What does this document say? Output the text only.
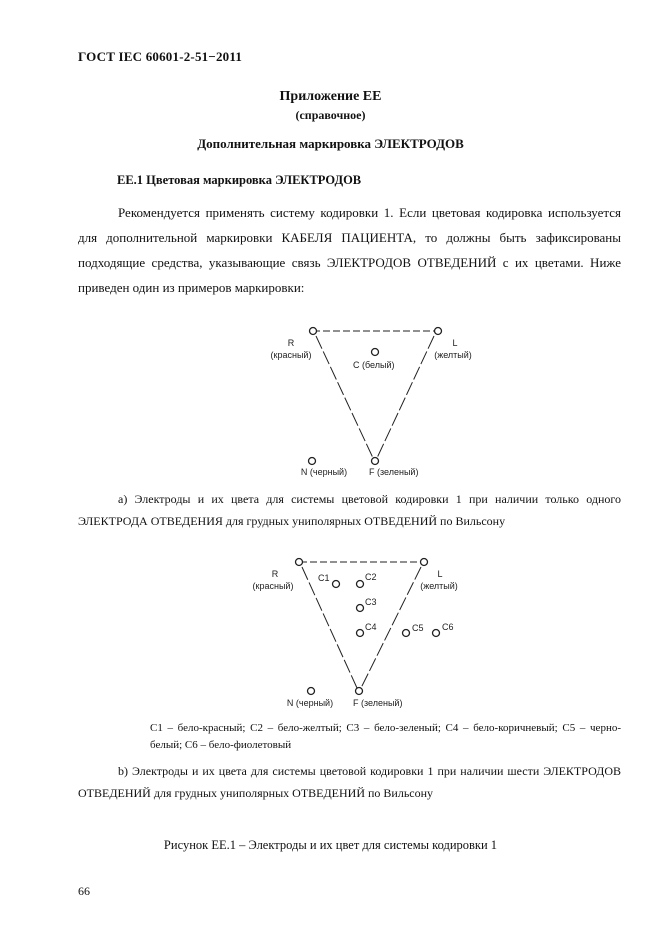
ГОСТ IEC 60601-2-51−2011
Приложение ЕЕ
(справочное)
Дополнительная маркировка ЭЛЕКТРОДОВ
ЕЕ.1 Цветовая маркировка ЭЛЕКТРОДОВ

Рекомендуется применять систему кодировки 1. Если цветовая кодировка используется для дополнительной маркировки КАБЕЛЯ ПАЦИЕНТА, то должны быть зафиксированы подходящие средства, указывающие связь ЭЛЕКТРОДОВ ОТВЕДЕНИЙ с их цветами. Ниже приведен один из примеров маркировки:

R
(красный)
L
(желтый)
C (белый)
N (черный) F (зеленый)

а) Электроды и их цвета для системы цветовой кодировки 1 при наличии только одного ЭЛЕКТРОДА ОТВЕДЕНИЯ для грудных униполярных ОТВЕДЕНИЙ по Вильсону

R
(красный)
L
(желтый)
C1	C2
C3
C4	C5 C6
N (черный) F (зеленый)
С1 – бело-красный; С2 – бело-желтый; С3 – бело-зеленый; С4 – бело-коричневый; С5 – черно-белый; С6 – бело-фиолетовый

b) Электроды и их цвета для системы цветовой кодировки 1 при наличии шести ЭЛЕКТРОДОВ ОТВЕДЕНИЙ для грудных униполярных ОТВЕДЕНИЙ по Вильсону

Рисунок ЕЕ.1 – Электроды и их цвет для системы кодировки 1
66
